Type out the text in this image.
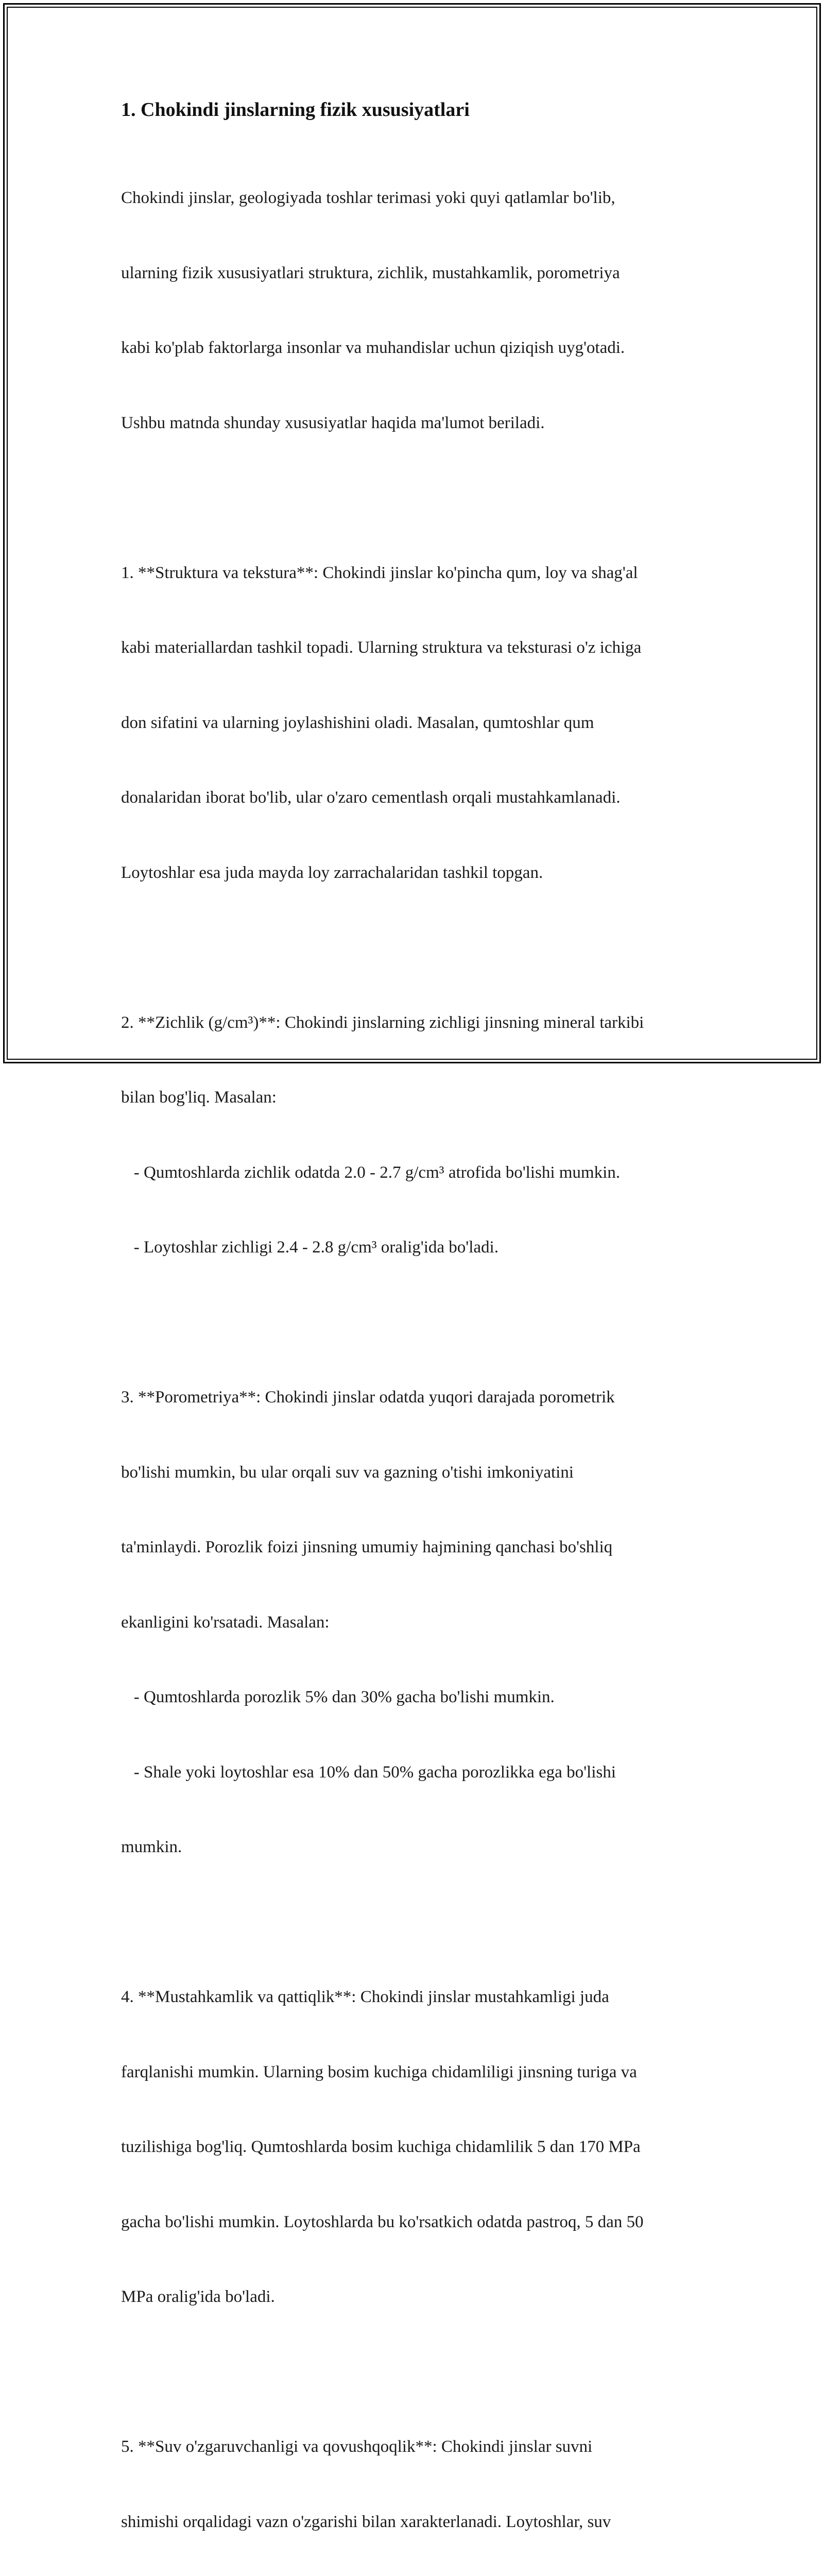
1. Chokindi jinslarning fizik xususiyatlari

Chokindi jinslar, geologiyada toshlar terimasi yoki quyi qatlamlar bo'lib,

ularning fizik xususiyatlari struktura, zichlik, mustahkamlik, porometriya

kabi ko'plab faktorlarga insonlar va muhandislar uchun qiziqish uyg'otadi.

Ushbu matnda shunday xususiyatlar haqida ma'lumot beriladi.

1. **Struktura va tekstura**: Chokindi jinslar ko'pincha qum, loy va shag'al

kabi materiallardan tashkil topadi. Ularning struktura va teksturasi o'z ichiga

don sifatini va ularning joylashishini oladi. Masalan, qumtoshlar qum

donalaridan iborat bo'lib, ular o'zaro cementlash orqali mustahkamlanadi.

Loytoshlar esa juda mayda loy zarrachalaridan tashkil topgan.

2. **Zichlik (g/cm³)**: Chokindi jinslarning zichligi jinsning mineral tarkibi

bilan bog'liq. Masalan:

- Qumtoshlarda zichlik odatda 2.0 - 2.7 g/cm³ atrofida bo'lishi mumkin.

- Loytoshlar zichligi 2.4 - 2.8 g/cm³ oralig'ida bo'ladi.

3. **Porometriya**: Chokindi jinslar odatda yuqori darajada porometrik

bo'lishi mumkin, bu ular orqali suv va gazning o'tishi imkoniyatini

ta'minlaydi. Porozlik foizi jinsning umumiy hajmining qanchasi bo'shliq

ekanligini ko'rsatadi. Masalan:

- Qumtoshlarda porozlik 5% dan 30% gacha bo'lishi mumkin.

- Shale yoki loytoshlar esa 10% dan 50% gacha porozlikka ega bo'lishi

mumkin.

4. **Mustahkamlik va qattiqlik**: Chokindi jinslar mustahkamligi juda

farqlanishi mumkin. Ularning bosim kuchiga chidamliligi jinsning turiga va

tuzilishiga bog'liq. Qumtoshlarda bosim kuchiga chidamlilik 5 dan 170 MPa

gacha bo'lishi mumkin. Loytoshlarda bu ko'rsatkich odatda pastroq, 5 dan 50

MPa oralig'ida bo'ladi.

5. **Suv o'zgaruvchanligi va qovushqoqlik**: Chokindi jinslar suvni

shimishi orqalidagi vazn o'zgarishi bilan xarakterlanadi. Loytoshlar, suv
